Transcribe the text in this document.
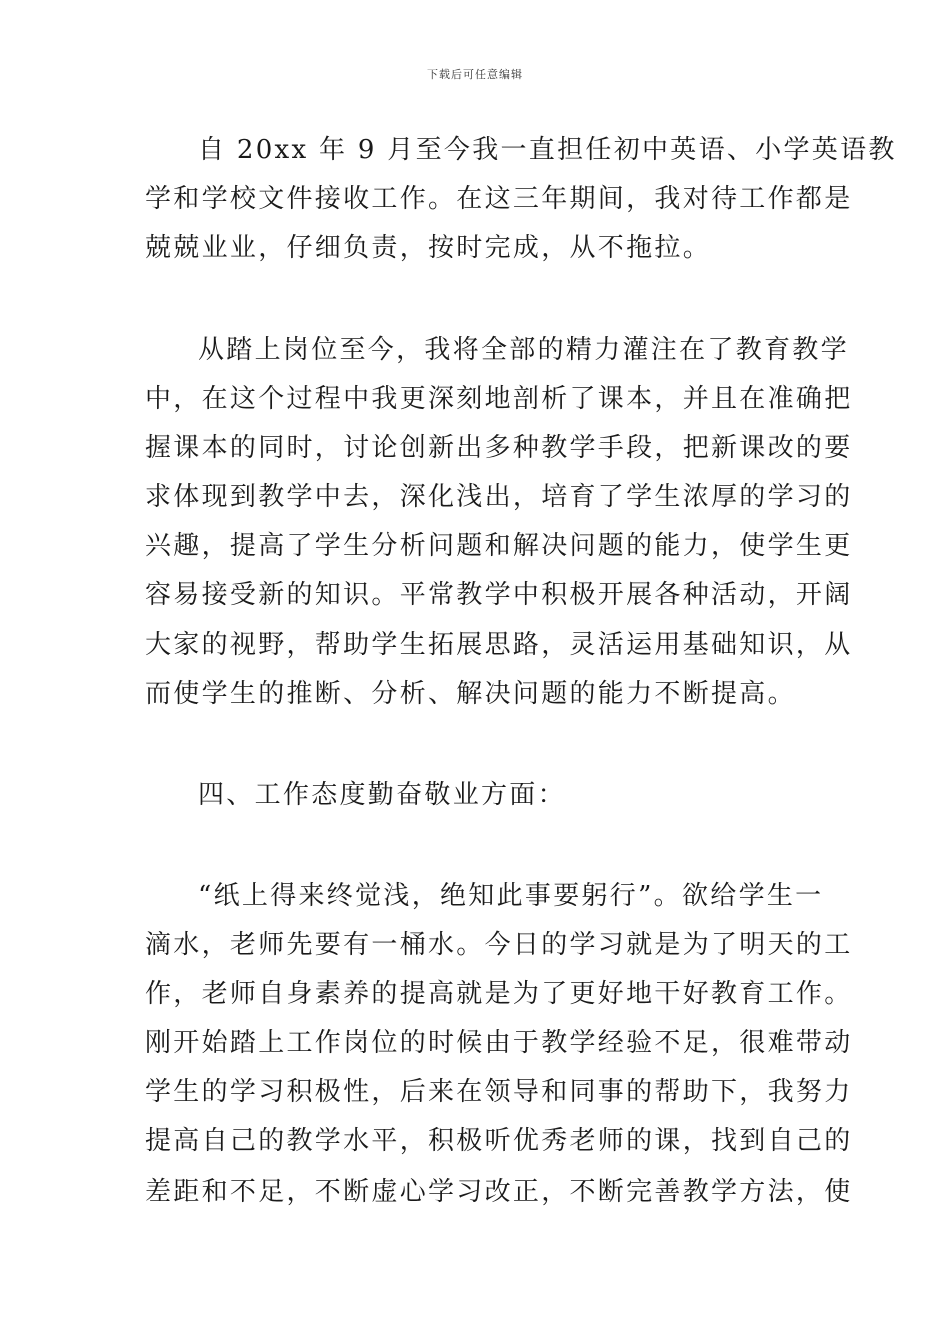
下载后可任意编辑
自 20xx 年 9 月至今我一直担任初中英语、小学英语教
学和学校文件接收工作。在这三年期间，我对待工作都是
兢兢业业，仔细负责，按时完成，从不拖拉。
从踏上岗位至今，我将全部的精力灌注在了教育教学
中，在这个过程中我更深刻地剖析了课本，并且在准确把
握课本的同时，讨论创新出多种教学手段，把新课改的要
求体现到教学中去，深化浅出，培育了学生浓厚的学习的
兴趣，提高了学生分析问题和解决问题的能力，使学生更
容易接受新的知识。平常教学中积极开展各种活动，开阔
大家的视野，帮助学生拓展思路，灵活运用基础知识，从
而使学生的推断、分析、解决问题的能力不断提高。
四、工作态度勤奋敬业方面：
“纸上得来终觉浅，绝知此事要躬行”。欲给学生一
滴水，老师先要有一桶水。今日的学习就是为了明天的工
作，老师自身素养的提高就是为了更好地干好教育工作。
刚开始踏上工作岗位的时候由于教学经验不足，很难带动
学生的学习积极性，后来在领导和同事的帮助下，我努力
提高自己的教学水平，积极听优秀老师的课，找到自己的
差距和不足，不断虚心学习改正，不断完善教学方法，使
